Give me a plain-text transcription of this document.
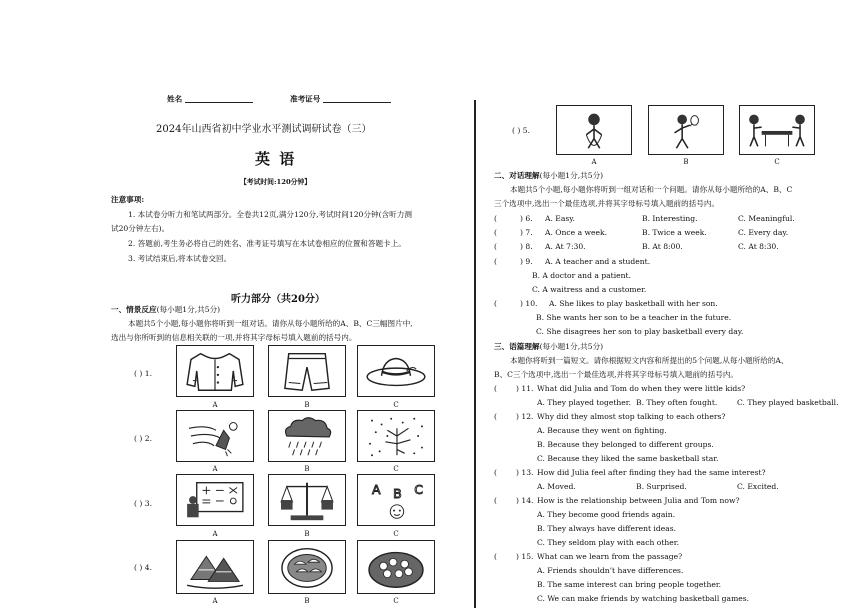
姓名	准考证号
2024年山西省初中学业水平测试调研试卷（三）
英 语
【考试时间:120分钟】
注意事项:
1. 本试卷分听力和笔试两部分。全卷共12页,满分120分,考试时间120分钟(含听力测
试20分钟左右)。
2. 答题前,考生务必将自己的姓名、准考证号填写在本试卷相应的位置和答题卡上。
3. 考试结束后,将本试卷交回。
听力部分（共20分）
一、情景反应(每小题1分,共5分)
本题共5个小题,每小题你将听到一组对话。请你从每小题所给的A、B、C三幅图片中,
选出与你所听到的信息相关联的一项,并将其字母标号填入题前的括号内。
( ) 1.
( ) 2.
( ) 3.
( ) 4.
A	B	C
A	B	C
A B C
A	B	C
A	B	C
( ) 5.
A	B	C
二、对话理解(每小题1分,共5分)
本题共5个小题,每小题你将听到一组对话和一个问题。请你从每小题所给的A、B、C
三个选项中,选出一个最佳选项,并将其字母标号填入题前的括号内。
(	) 6. A. Easy.	B. Interesting.	C. Meaningful.
(	) 7. A. Once a week.	B. Twice a week.	C. Every day.
(	) 8. A. At 7:30.	B. At 8:00.	C. At 8:30.
(	) 9. A. A teacher and a student.
B. A doctor and a patient.
C. A waitress and a customer.
(	) 10. A. She likes to play basketball with her son.
B. She wants her son to be a teacher in the future.
C. She disagrees her son to play basketball every day.
三、语篇理解(每小题1分,共5分)
本题你将听到一篇短文。请你根据短文内容和所提出的5个问题,从每小题所给的A、
B、C三个选项中,选出一个最佳选项,并将其字母标号填入题前的括号内。
(	) 11. What did Julia and Tom do when they were little kids?
A. They played together. B. They often fought.	C. They played basketball.
(	) 12. Why did they almost stop talking to each others?
A. Because they went on fighting.
B. Because they belonged to different groups.
C. Because they liked the same basketball star.
(	) 13. How did Julia feel after finding they had the same interest?
A. Moved.	B. Surprised.	C. Excited.
(	) 14. How is the relationship between Julia and Tom now?
A. They become good friends again.
B. They always have different ideas.
C. They seldom play with each other.
(	) 15. What can we learn from the passage?
A. Friends shouldn’t have differences.
B. The same interest can bring people together.
C. We can make friends by watching basketball games.
